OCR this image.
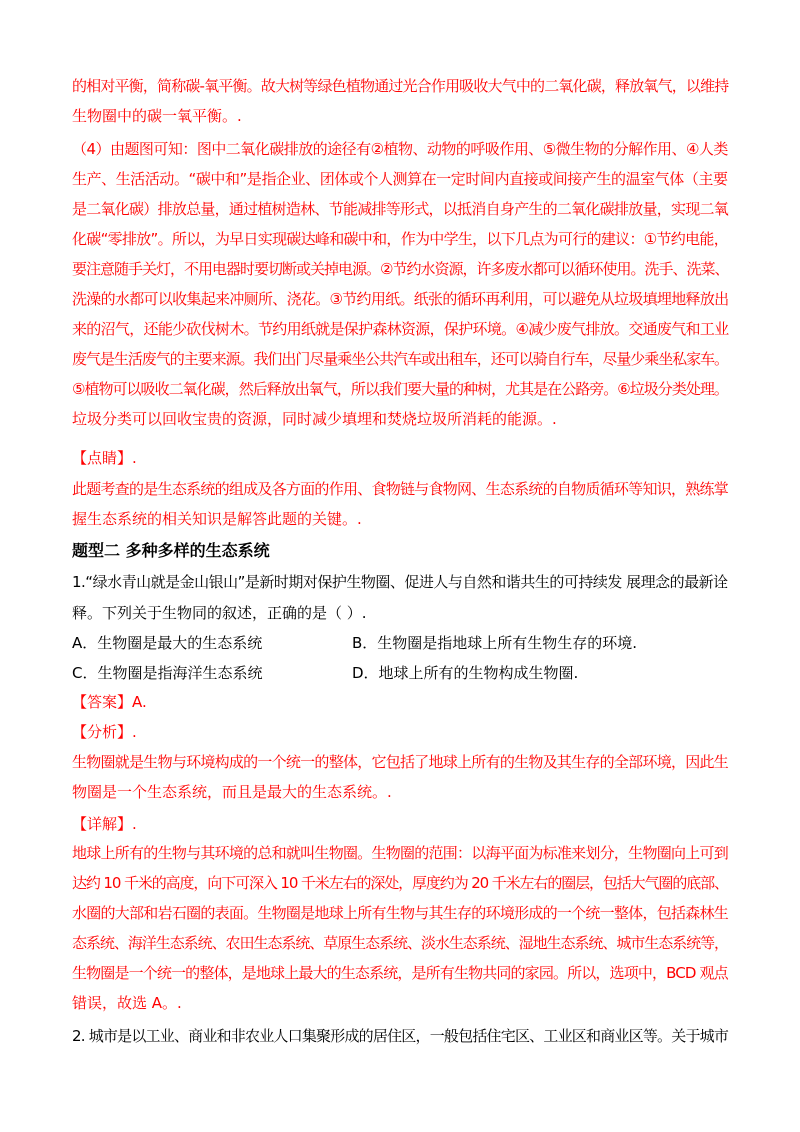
的相对平衡，简称碳-氧平衡。故大树等绿色植物通过光合作用吸收大气中的二氧化碳，释放氧气，以维持
生物圈中的碳一氧平衡。.
（4）由题图可知：图中二氧化碳排放的途径有②植物、动物的呼吸作用、⑤微生物的分解作用、④人类
生产、生活活动。“碳中和”是指企业、团体或个人测算在一定时间内直接或间接产生的温室气体（主要
是二氧化碳）排放总量，通过植树造林、节能减排等形式，以抵消自身产生的二氧化碳排放量，实现二氧
化碳“零排放”。所以，为早日实现碳达峰和碳中和，作为中学生，以下几点为可行的建议：①节约电能，
要注意随手关灯，不用电器时要切断或关掉电源。②节约水资源，许多废水都可以循环使用。洗手、洗菜、
洗澡的水都可以收集起来冲厕所、浇花。③节约用纸。纸张的循环再利用，可以避免从垃圾填埋地释放出
来的沼气，还能少砍伐树木。节约用纸就是保护森林资源，保护环境。④减少废气排放。交通废气和工业
废气是生活废气的主要来源。我们出门尽量乘坐公共汽车或出租车，还可以骑自行车，尽量少乘坐私家车。
⑤植物可以吸收二氧化碳，然后释放出氧气，所以我们要大量的种树，尤其是在公路旁。⑥垃圾分类处理。
垃圾分类可以回收宝贵的资源，同时减少填埋和焚烧垃圾所消耗的能源。.
【点睛】.
此题考查的是生态系统的组成及各方面的作用、食物链与食物网、生态系统的自物质循环等知识，熟练掌
握生态系统的相关知识是解答此题的关键。.
题型二 多种多样的生态系统
1.“绿水青山就是金山银山”是新时期对保护生物圈、促进人与自然和谐共生的可持续发 展理念的最新诠
释。下列关于生物同的叙述，正确的是（ ）.
A．生物圈是最大的生态系统	B．生物圈是指地球上所有生物生存的环境.
C．生物圈是指海洋生态系统	D．地球上所有的生物构成生物圈.
【答案】A.
【分析】.
生物圈就是生物与环境构成的一个统一的整体，它包括了地球上所有的生物及其生存的全部环境，因此生
物圈是一个生态系统，而且是最大的生态系统。.
【详解】.
地球上所有的生物与其环境的总和就叫生物圈。生物圈的范围：以海平面为标准来划分，生物圈向上可到
达约 10 千米的高度，向下可深入 10 千米左右的深处，厚度约为 20 千米左右的圈层，包括大气圈的底部、
水圈的大部和岩石圈的表面。生物圈是地球上所有生物与其生存的环境形成的一个统一整体，包括森林生
态系统、海洋生态系统、农田生态系统、草原生态系统、淡水生态系统、湿地生态系统、城市生态系统等，
生物圈是一个统一的整体，是地球上最大的生态系统，是所有生物共同的家园。所以，选项中，BCD 观点
错误，故选 A。.
2. 城市是以工业、商业和非农业人口集聚形成的居住区，一般包括住宅区、工业区和商业区等。关于城市
